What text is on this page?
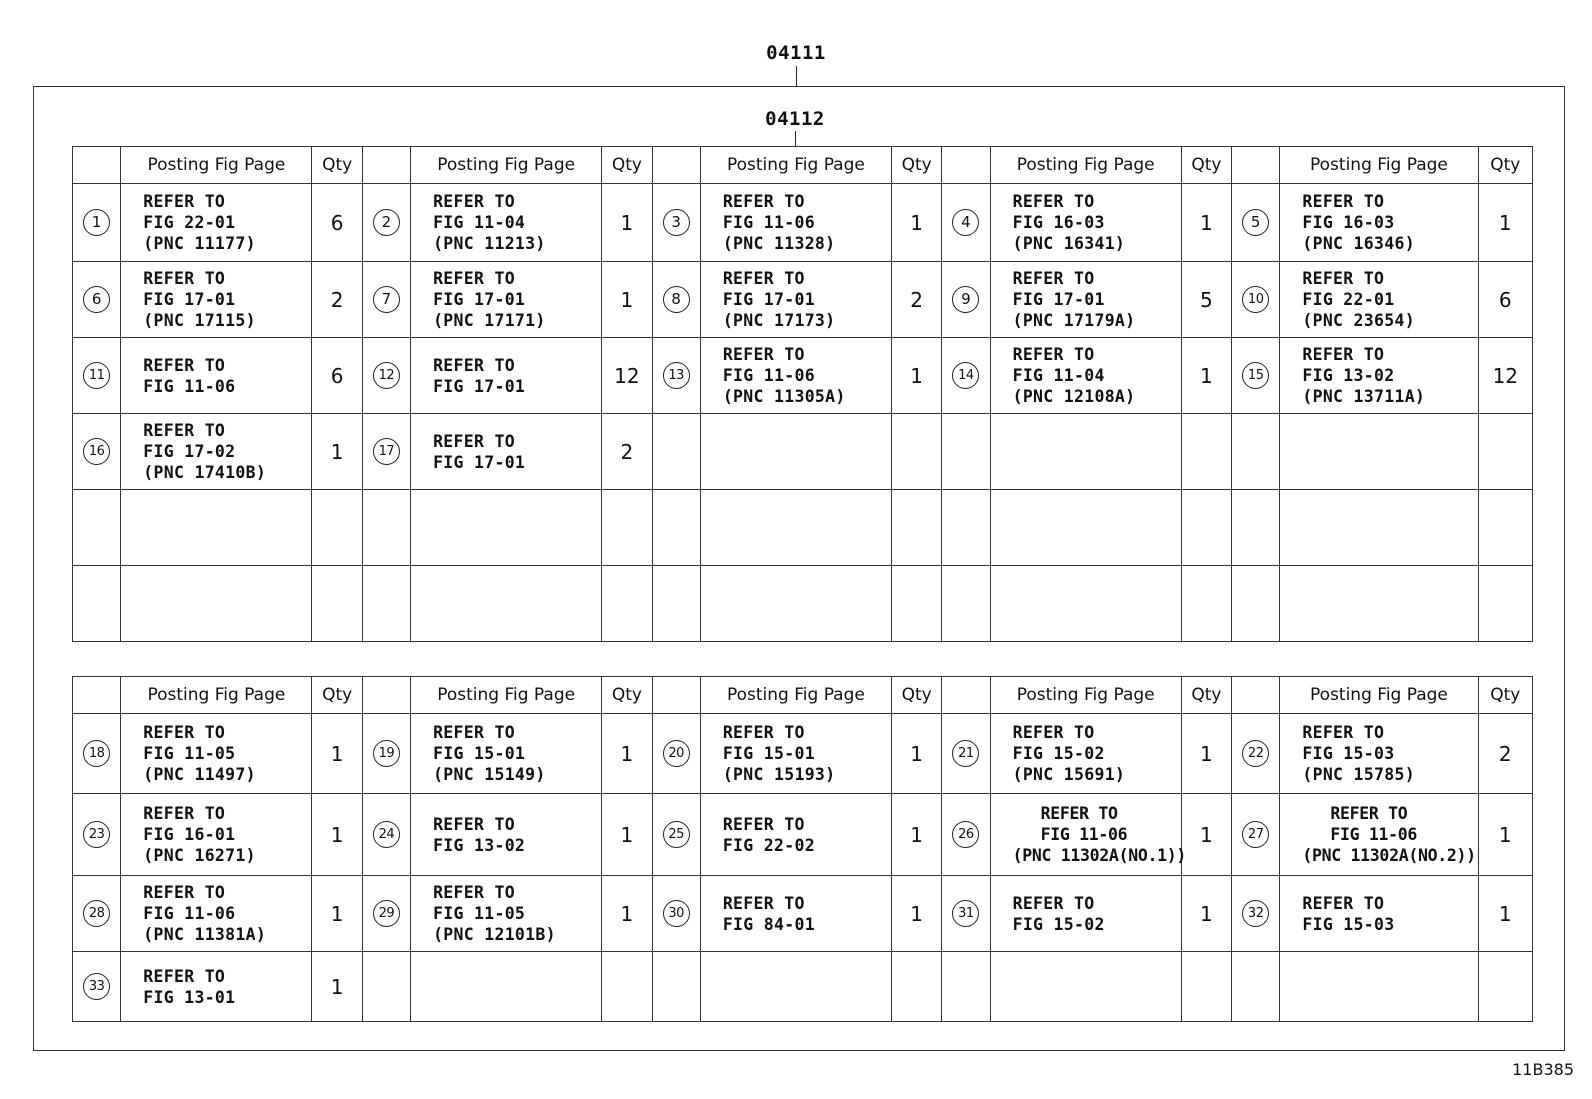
04111
04112
	Posting Fig Page	Qty		Posting Fig Page	Qty		Posting Fig Page	Qty		Posting Fig Page	Qty		Posting Fig Page	Qty
1	REFER TO
FIG 22-01
(PNC 11177)	6	2	REFER TO
FIG 11-04
(PNC 11213)	1	3	REFER TO
FIG 11-06
(PNC 11328)	1	4	REFER TO
FIG 16-03
(PNC 16341)	1	5	REFER TO
FIG 16-03
(PNC 16346)	1
6	REFER TO
FIG 17-01
(PNC 17115)	2	7	REFER TO
FIG 17-01
(PNC 17171)	1	8	REFER TO
FIG 17-01
(PNC 17173)	2	9	REFER TO
FIG 17-01
(PNC 17179A)	5	10	REFER TO
FIG 22-01
(PNC 23654)	6
11	REFER TO
FIG 11-06	6	12	REFER TO
FIG 17-01	12	13	REFER TO
FIG 11-06
(PNC 11305A)	1	14	REFER TO
FIG 11-04
(PNC 12108A)	1	15	REFER TO
FIG 13-02
(PNC 13711A)	12
16	REFER TO
FIG 17-02
(PNC 17410B)	1	17	REFER TO
FIG 17-01	2									

	Posting Fig Page	Qty		Posting Fig Page	Qty		Posting Fig Page	Qty		Posting Fig Page	Qty		Posting Fig Page	Qty
18	REFER TO
FIG 11-05
(PNC 11497)	1	19	REFER TO
FIG 15-01
(PNC 15149)	1	20	REFER TO
FIG 15-01
(PNC 15193)	1	21	REFER TO
FIG 15-02
(PNC 15691)	1	22	REFER TO
FIG 15-03
(PNC 15785)	2
23	REFER TO
FIG 16-01
(PNC 16271)	1	24	REFER TO
FIG 13-02	1	25	REFER TO
FIG 22-02	1	26	REFER TO
FIG 11-06
(PNC 11302A(NO.1))	1	27	REFER TO
FIG 11-06
(PNC 11302A(NO.2))	1
28	REFER TO
FIG 11-06
(PNC 11381A)	1	29	REFER TO
FIG 11-05
(PNC 12101B)	1	30	REFER TO
FIG 84-01	1	31	REFER TO
FIG 15-02	1	32	REFER TO
FIG 15-03	1
33	REFER TO
FIG 13-01	1												
11B385
